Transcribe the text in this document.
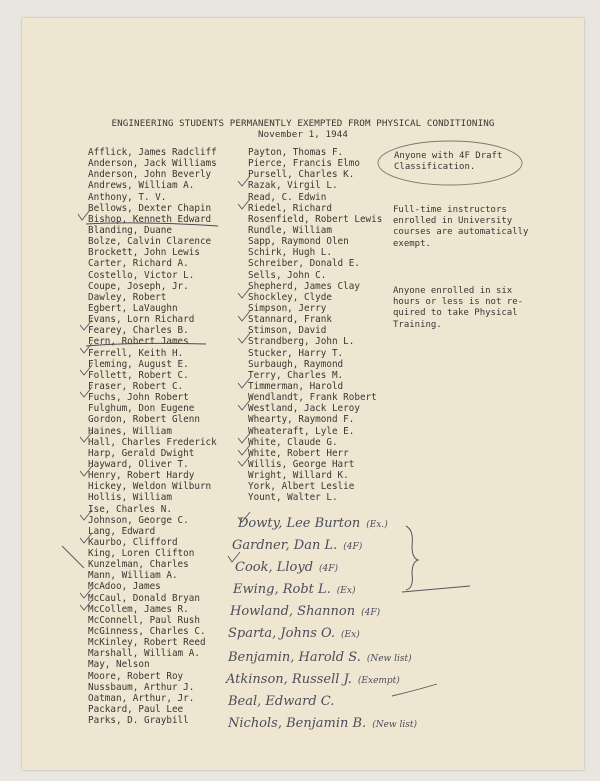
ENGINEERING STUDENTS PERMANENTLY EXEMPTED FROM PHYSICAL CONDITIONING
November 1, 1944
Afflick, James Radcliff
Anderson, Jack Williams
Anderson, John Beverly
Andrews, William A.
Anthony, T. V.
Bellows, Dexter Chapin
Bishop, Kenneth Edward
Blanding, Duane
Bolze, Calvin Clarence
Brockett, John Lewis
Carter, Richard A.
Costello, Victor L.
Coupe, Joseph, Jr.
Dawley, Robert
Egbert, LaVaughn
Evans, Lorn Richard
Fearey, Charles B.
Fern, Robert James
Ferrell, Keith H.
Fleming, August E.
Follett, Robert C.
Fraser, Robert C.
Fuchs, John Robert
Fulghum, Don Eugene
Gordon, Robert Glenn
Haines, William
Hall, Charles Frederick
Harp, Gerald Dwight
Hayward, Oliver T.
Henry, Robert Hardy
Hickey, Weldon Wilburn
Hollis, William
Ise, Charles N.
Johnson, George C.
Lang, Edward
Kaurbo, Clifford
King, Loren Clifton
Kunzelman, Charles
Mann, William A.
McAdoo, James
McCaul, Donald Bryan
McCollem, James R.
McConnell, Paul Rush
McGinness, Charles C.
McKinley, Robert Reed
Marshall, William A.
May, Nelson
Moore, Robert Roy
Nussbaum, Arthur J.
Oatman, Arthur, Jr.
Packard, Paul Lee
Parks, D. Graybill
Payton, Thomas F.
Pierce, Francis Elmo
Pursell, Charles K.
Razak, Virgil L.
Read, C. Edwin
Riedel, Richard
Rosenfield, Robert Lewis
Rundle, William
Sapp, Raymond Olen
Schirk, Hugh L.
Schreiber, Donald E.
Sells, John C.
Shepherd, James Clay
Shockley, Clyde
Simpson, Jerry
Stannard, Frank
Stimson, David
Strandberg, John L.
Stucker, Harry T.
Surbaugh, Raymond
Terry, Charles M.
Timmerman, Harold
Wendlandt, Frank Robert
Westland, Jack Leroy
Whearty, Raymond F.
Wheateraft, Lyle E.
White, Claude G.
White, Robert Herr
Willis, George Hart
Wright, Willard K.
York, Albert Leslie
Yount, Walter L.
Anyone with 4F Draft
Classification.
Full-time instructors
enrolled in University
courses are automatically
exempt.
Anyone enrolled in six
hours or less is not re-
quired to take Physical
Training.
Dowty, Lee Burton (Ex.)
Gardner, Dan L. (4F)
Cook, Lloyd (4F)
Ewing, Robt L. (Ex)
Howland, Shannon (4F)
Sparta, Johns O. (Ex)
Benjamin, Harold S. (New list)
Atkinson, Russell J. (Exempt)
Beal, Edward C.
Nichols, Benjamin B. (New list)
